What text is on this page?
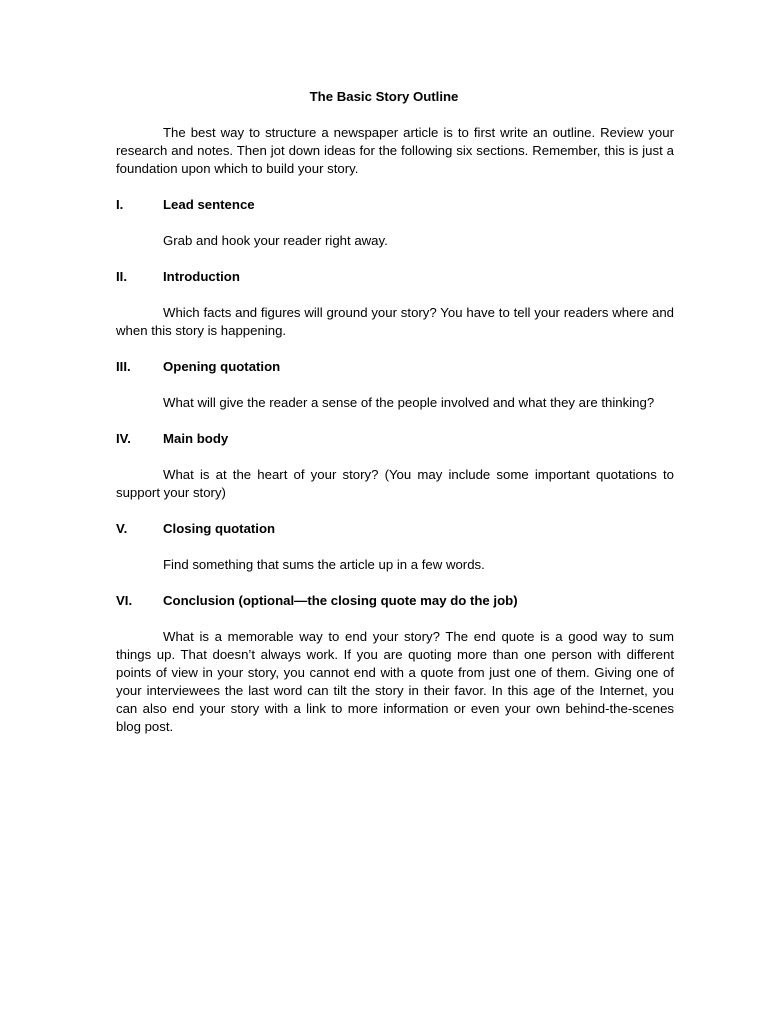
The Basic Story Outline

The best way to structure a newspaper article is to first write an outline. Review your research and notes. Then jot down ideas for the following six sections. Remember, this is just a foundation upon which to build your story.

I.	Lead sentence

Grab and hook your reader right away.

II.	Introduction

Which facts and figures will ground your story? You have to tell your readers where and when this story is happening.

III.	Opening quotation

What will give the reader a sense of the people involved and what they are thinking?

IV.	Main body

What is at the heart of your story? (You may include some important quotations to support your story)

V.	Closing quotation

Find something that sums the article up in a few words.

VI.	Conclusion (optional—the closing quote may do the job)

What is a memorable way to end your story? The end quote is a good way to sum things up. That doesn’t always work. If you are quoting more than one person with different points of view in your story, you cannot end with a quote from just one of them. Giving one of your interviewees the last word can tilt the story in their favor. In this age of the Internet, you can also end your story with a link to more information or even your own behind-the-scenes blog post.
